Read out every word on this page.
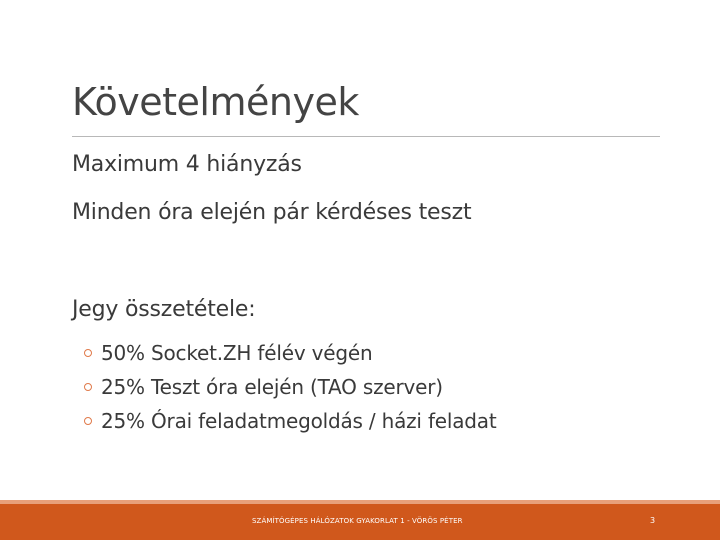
Követelmények
Maximum 4 hiányzás
Minden óra elején pár kérdéses teszt
Jegy összetétele:
50% Socket.ZH félév végén
25% Teszt óra elején (TAO szerver)
25% Órai feladatmegoldás / házi feladat
SZÁMÍTÓGÉPES HÁLÓZATOK GYAKORLAT 1 - VÖRÖS PÉTER	3
